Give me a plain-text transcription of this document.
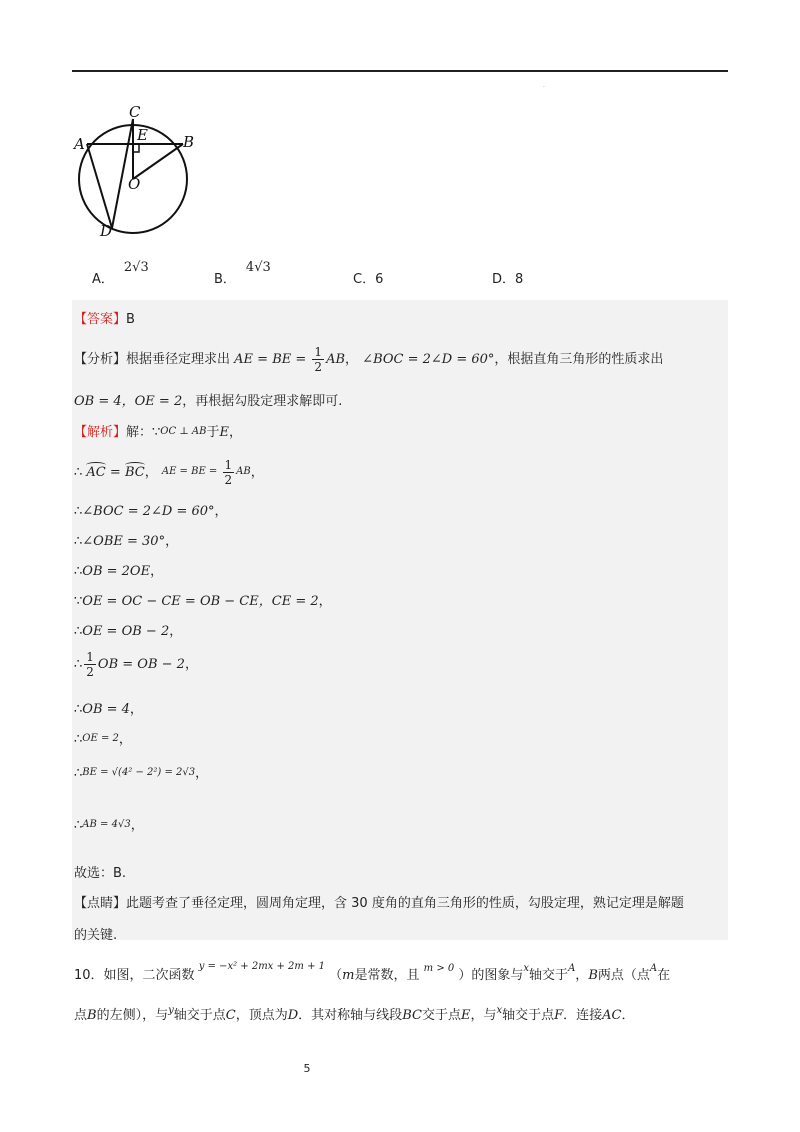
·
C
E
A	B
O
D
A．2√3
B．4√3
C．6	D．8
【答案】B
【分析】根据垂径定理求出 AE = BE = $\frac{1}{2}$ AB， ∠BOC = 2∠D = 60°，根据直角三角形的性质求出
OB = 4，OE = 2，再根据勾股定理求解即可.
【解析】解：∵OC ⊥ AB于E，
∴ AC = BC， AE = BE = $\frac{1}{2}$ AB，
∴∠BOC = 2∠D = 60°，
∴∠OBE = 30°，
∴OB = 2OE，
∵OE = OC − CE = OB − CE，CE = 2，
∴OE = OB − 2，
∴ $\frac{1}{2}$ OB = OB − 2，
∴OB = 4，
∴OE = 2，
∴BE = √(4² − 2²) = 2√3，
∴AB = 4√3，
故选：B.
【点睛】此题考查了垂径定理，圆周角定理，含 30 度角的直角三角形的性质，勾股定理，熟记定理是解题
的关键.
10．如图，二次函数 $^{y = -x^2 + 2mx + 2m + 1}$ （m是常数，且 $^{m > 0}$ ）的图象与$^x$轴交于$^A$，B两点（点$^A$在
点B的左侧），与$^y$轴交于点C，顶点为D．其对称轴与线段BC交于点E，与$^x$轴交于点F．连接AC．
5
